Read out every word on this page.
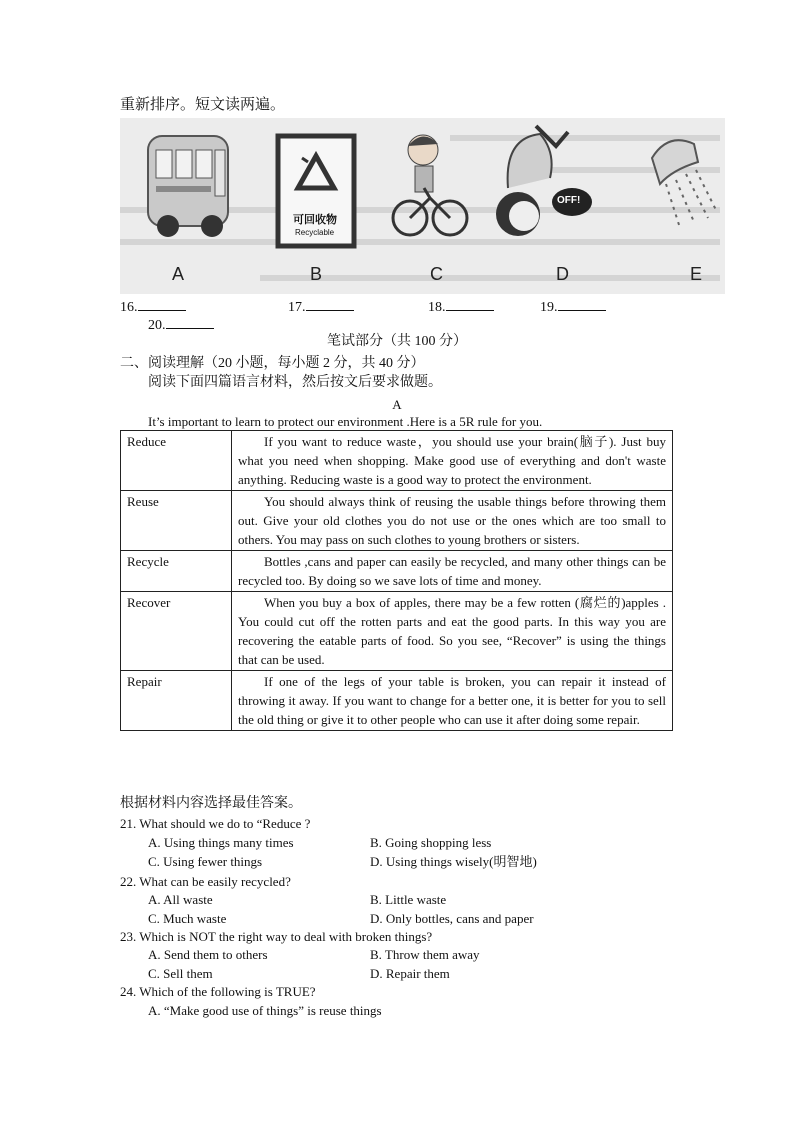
重新排序。短文读两遍。
可回收物
Recyclable
OFF!
A	B	C	D	E
16.	17.	18.	19.
20.
笔试部分（共 100 分）
二、阅读理解（20 小题，每小题 2 分，共 40 分）
阅读下面四篇语言材料，然后按文后要求做题。
A
It’s important to learn to protect our environment .Here is a 5R rule for you.
Reduce	If you want to reduce waste，you should use your brain(脑子). Just buy what you need when shopping. Make good use of everything and don't waste anything. Reducing waste is a good way to protect the environment.
Reuse	You should always think of reusing the usable things before throwing them out. Give your old clothes you do not use or the ones which are too small to others. You may pass on such clothes to young brothers or sisters.
Recycle	Bottles ,cans and paper can easily be recycled, and many other things can be recycled too. By doing so we save lots of time and money.
Recover	When you buy a box of apples, there may be a few rotten (腐烂的)apples . You could cut off the rotten parts and eat the good parts. In this way you are recovering the eatable parts of food. So you see, “Recover” is using the things that can be used.
Repair	If one of the legs of your table is broken, you can repair it instead of throwing it away. If you want to change for a better one, it is better for you to sell the old thing or give it to other people who can use it after doing some repair.
根据材料内容选择最佳答案。
21. What should we do to “Reduce ?
A. Using things many times	B. Going shopping less
C. Using fewer things	D. Using things wisely(明智地)
22. What can be easily recycled?
A. All waste	B. Little waste
C. Much waste	D. Only bottles, cans and paper
23. Which is NOT the right way to deal with broken things?
A. Send them to others	B. Throw them away
C. Sell them	D. Repair them
24. Which of the following is TRUE?
A. “Make good use of things” is reuse things
